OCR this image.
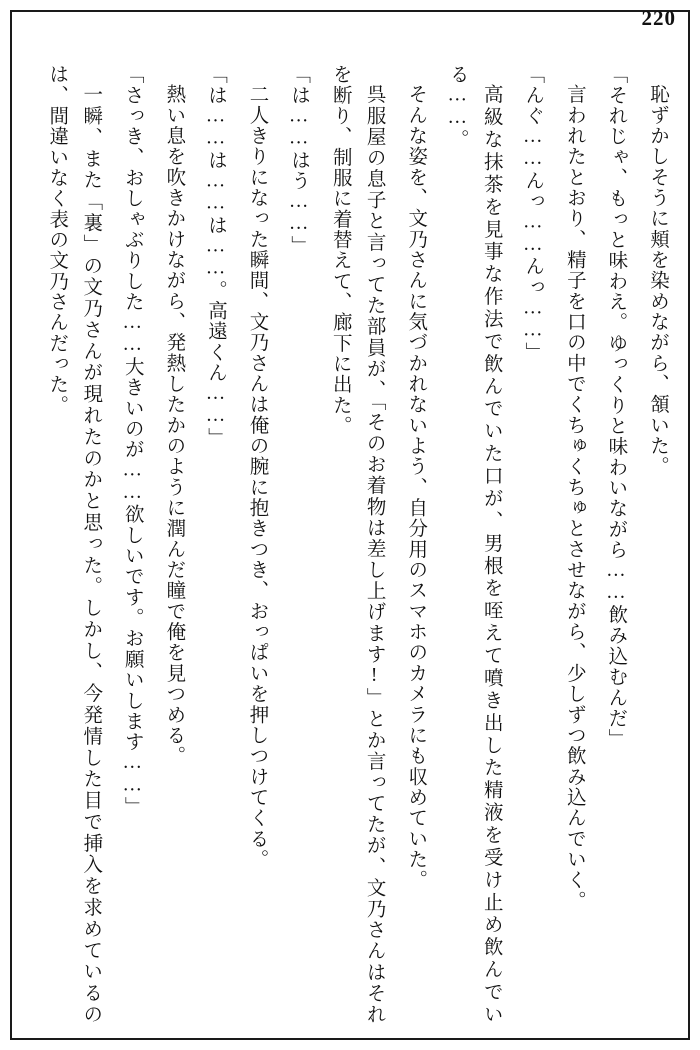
220

恥ずかしそうに頬を染めながら、頷いた。

「それじゃ、もっと味わえ。ゆっくりと味わいながら……飲み込むんだ」

言われたとおり、精子を口の中でくちゅくちゅとさせながら、少しずつ飲み込んでいく。

「んぐ……んっ……んっ……」

高級な抹茶を見事な作法で飲んでいた口が、男根を咥えて噴き出した精液を受け止め飲んでいる……。

そんな姿を、文乃さんに気づかれないよう、自分用のスマホのカメラにも収めていた。

呉服屋の息子と言ってた部員が、「そのお着物は差し上げます!」とか言ってたが、文乃さんはそれを断り、制服に着替えて、廊下に出た。

「は……はう……」

二人きりになった瞬間、文乃さんは俺の腕に抱きつき、おっぱいを押しつけてくる。

「は……は……は……。高遠くん……」

熱い息を吹きかけながら、発熱したかのように潤んだ瞳で俺を見つめる。

「さっき、おしゃぶりした……大きいのが……欲しいです。お願いします……」

一瞬、また「裏」の文乃さんが現れたのかと思った。しかし、今発情した目で挿入を求めているのは、間違いなく表の文乃さんだった。
